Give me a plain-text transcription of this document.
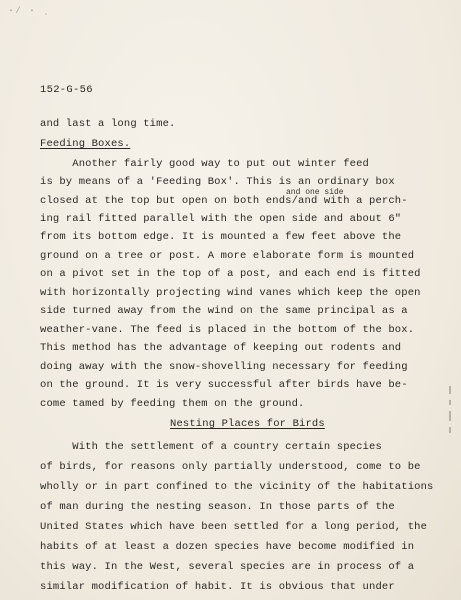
·∕ · ˌ
152-G-56
and last a long time.
Feeding Boxes.
and one side
Another fairly good way to put out winter feed
is by means of a 'Feeding Box'. This is an ordinary box
closed at the top but open on both ends/and with a perch-
ing rail fitted parallel with the open side and about 6"
from its bottom edge. It is mounted a few feet above the
ground on a tree or post. A more elaborate form is mounted
on a pivot set in the top of a post, and each end is fitted
with horizontally projecting wind vanes which keep the open
side turned away from the wind on the same principal as a
weather-vane. The feed is placed in the bottom of the box.
This method has the advantage of keeping out rodents and
doing away with the snow-shovelling necessary for feeding
on the ground. It is very successful after birds have be-
come tamed by feeding them on the ground.
Nesting Places for Birds
With the settlement of a country certain species
of birds, for reasons only partially understood, come to be
wholly or in part confined to the vicinity of the habitations
of man during the nesting season. In those parts of the
United States which have been settled for a long period, the
habits of at least a dozen species have become modified in
this way. In the West, several species are in process of a
similar modification of habit. It is obvious that under
